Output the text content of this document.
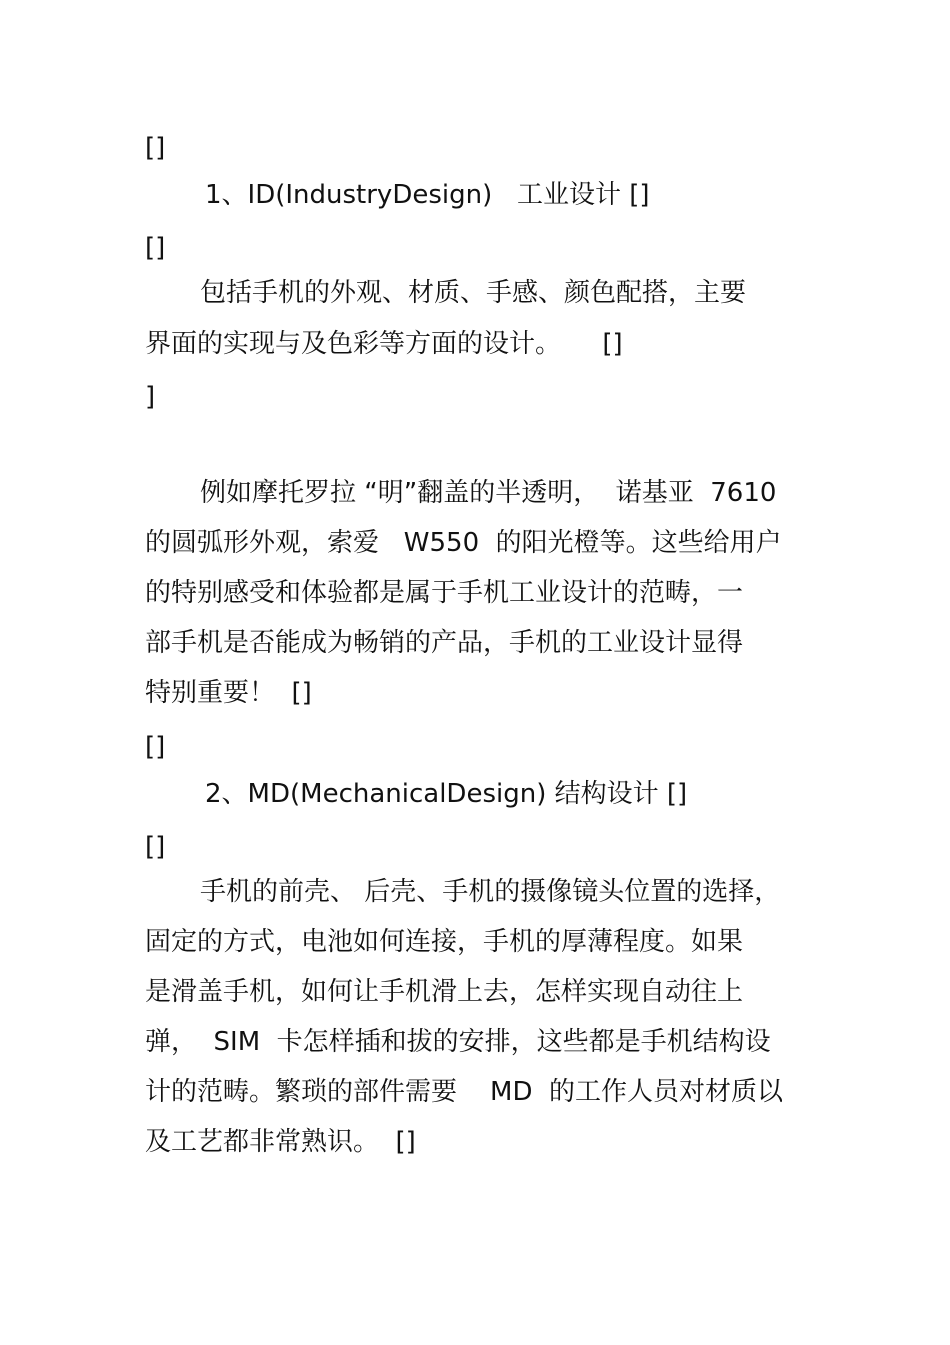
[]
1、ID(IndustryDesign)   工业设计 []
[]
包括手机的外观、材质、手感、颜色配搭，主要
界面的实现与及色彩等方面的设计。     []
]
例如摩托罗拉 “明”翻盖的半透明，  诺基亚  7610
的圆弧形外观，索爱   W550  的阳光橙等。这些给用户
的特别感受和体验都是属于手机工业设计的范畴，一
部手机是否能成为畅销的产品，手机的工业设计显得
特别重要！  []
[]
2、MD(MechanicalDesign) 结构设计 []
[]
手机的前壳、 后壳、手机的摄像镜头位置的选择，
固定的方式，电池如何连接，手机的厚薄程度。如果
是滑盖手机，如何让手机滑上去，怎样实现自动往上
弹，  SIM  卡怎样插和拔的安排，这些都是手机结构设
计的范畴。繁琐的部件需要    MD  的工作人员对材质以
及工艺都非常熟识。  []
